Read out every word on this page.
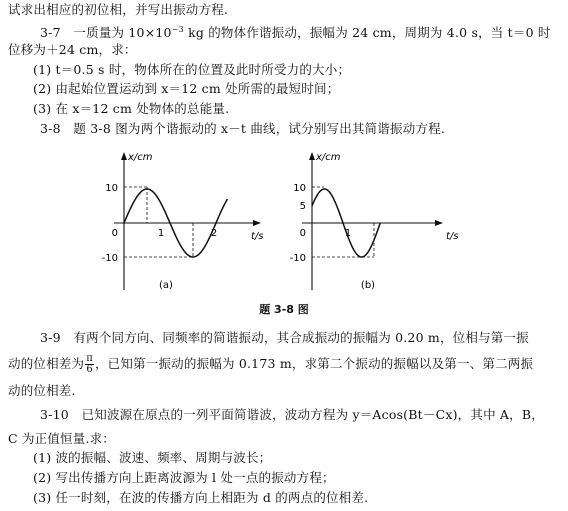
试求出相应的初位相，并写出振动方程.
3-7　一质量为 $10\times 10^{-3}$ kg 的物体作谐振动，振幅为 24 cm，周期为 4.0 s，当 t＝0 时
位移为＋24 cm，求：
(1) t＝0.5 s 时，物体所在的位置及此时所受力的大小；
(2) 由起始位置运动到 x＝12 cm 处所需的最短时间；
(3) 在 x＝12 cm 处物体的总能量.
3-8　题 3-8 图为两个谐振动的 x－t 曲线，试分别写出其简谐振动方程.
x/cm
t/s
10
-10
0	1	2
(a)
x/cm
t/s
10
5
-10
0	1
(b)
题 3-8 图
3-9　有两个同方向、同频率的简谐振动，其合成振动的振幅为 0.20 m，位相与第一振
动的位相差为 $\frac{\pi}{6}$ ，已知第一振动的振幅为 0.173 m，求第二个振动的振幅以及第一、第二两振
动的位相差.
3-10　已知波源在原点的一列平面简谐波，波动方程为 y＝Acos(Bt－Cx)，其中 A，B，
C 为正值恒量.求：
(1) 波的振幅、波速、频率、周期与波长；
(2) 写出传播方向上距离波源为 l 处一点的振动方程；
(3) 任一时刻，在波的传播方向上相距为 d 的两点的位相差.
